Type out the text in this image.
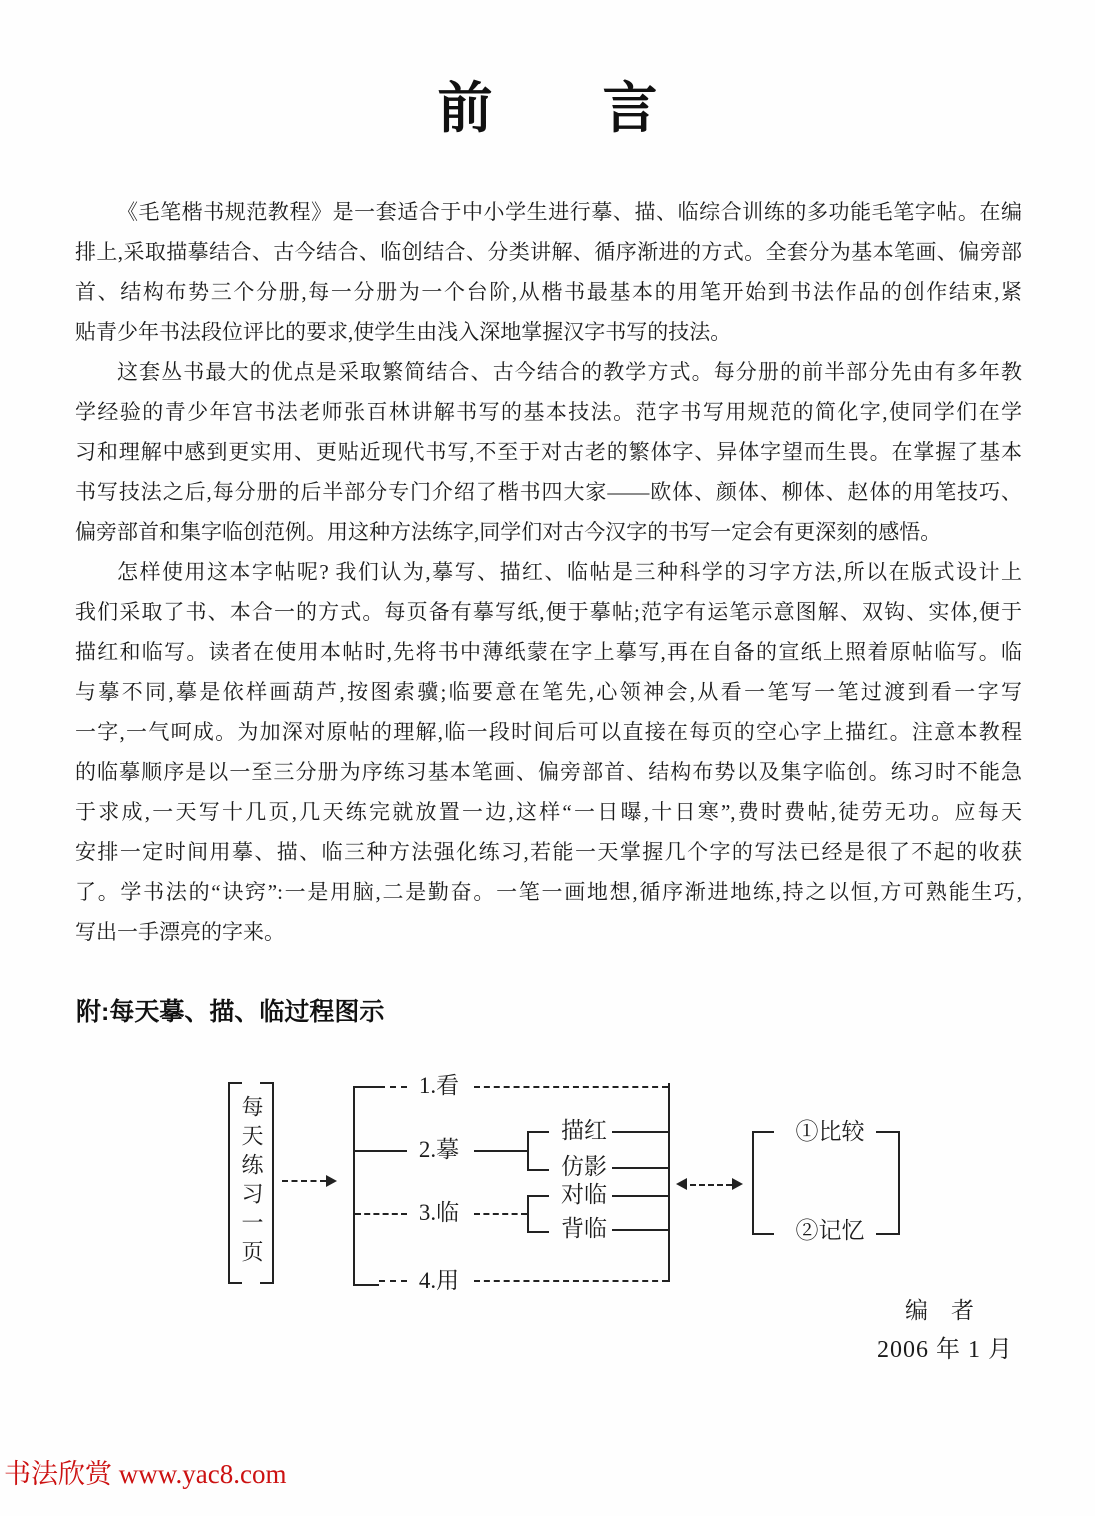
前　　言
《毛笔楷书规范教程》是一套适合于中小学生进行摹、描、临综合训练的多功能毛笔字帖。在编
排上,采取描摹结合、古今结合、临创结合、分类讲解、循序渐进的方式。全套分为基本笔画、偏旁部
首、结构布势三个分册,每一分册为一个台阶,从楷书最基本的用笔开始到书法作品的创作结束,紧
贴青少年书法段位评比的要求,使学生由浅入深地掌握汉字书写的技法。
这套丛书最大的优点是采取繁简结合、古今结合的教学方式。每分册的前半部分先由有多年教
学经验的青少年宫书法老师张百林讲解书写的基本技法。范字书写用规范的简化字,使同学们在学
习和理解中感到更实用、更贴近现代书写,不至于对古老的繁体字、异体字望而生畏。在掌握了基本
书写技法之后,每分册的后半部分专门介绍了楷书四大家——欧体、颜体、柳体、赵体的用笔技巧、
偏旁部首和集字临创范例。用这种方法练字,同学们对古今汉字的书写一定会有更深刻的感悟。
怎样使用这本字帖呢? 我们认为,摹写、描红、临帖是三种科学的习字方法,所以在版式设计上
我们采取了书、本合一的方式。每页备有摹写纸,便于摹帖;范字有运笔示意图解、双钩、实体,便于
描红和临写。读者在使用本帖时,先将书中薄纸蒙在字上摹写,再在自备的宣纸上照着原帖临写。临
与摹不同,摹是依样画葫芦,按图索骥;临要意在笔先,心领神会,从看一笔写一笔过渡到看一字写
一字,一气呵成。为加深对原帖的理解,临一段时间后可以直接在每页的空心字上描红。注意本教程
的临摹顺序是以一至三分册为序练习基本笔画、偏旁部首、结构布势以及集字临创。练习时不能急
于求成,一天写十几页,几天练完就放置一边,这样“一日曝,十日寒”,费时费帖,徒劳无功。应每天
安排一定时间用摹、描、临三种方法强化练习,若能一天掌握几个字的写法已经是很了不起的收获
了。学书法的“诀窍”:一是用脑,二是勤奋。一笔一画地想,循序渐进地练,持之以恒,方可熟能生巧,
写出一手漂亮的字来。
附:每天摹、描、临过程图示
每天练习一页
1.看
2.摹
3.临
4.用
描红
仿影
对临
背临
①比较
②记忆
编　者
2006 年 1 月
书法欣赏 www.yac8.com
